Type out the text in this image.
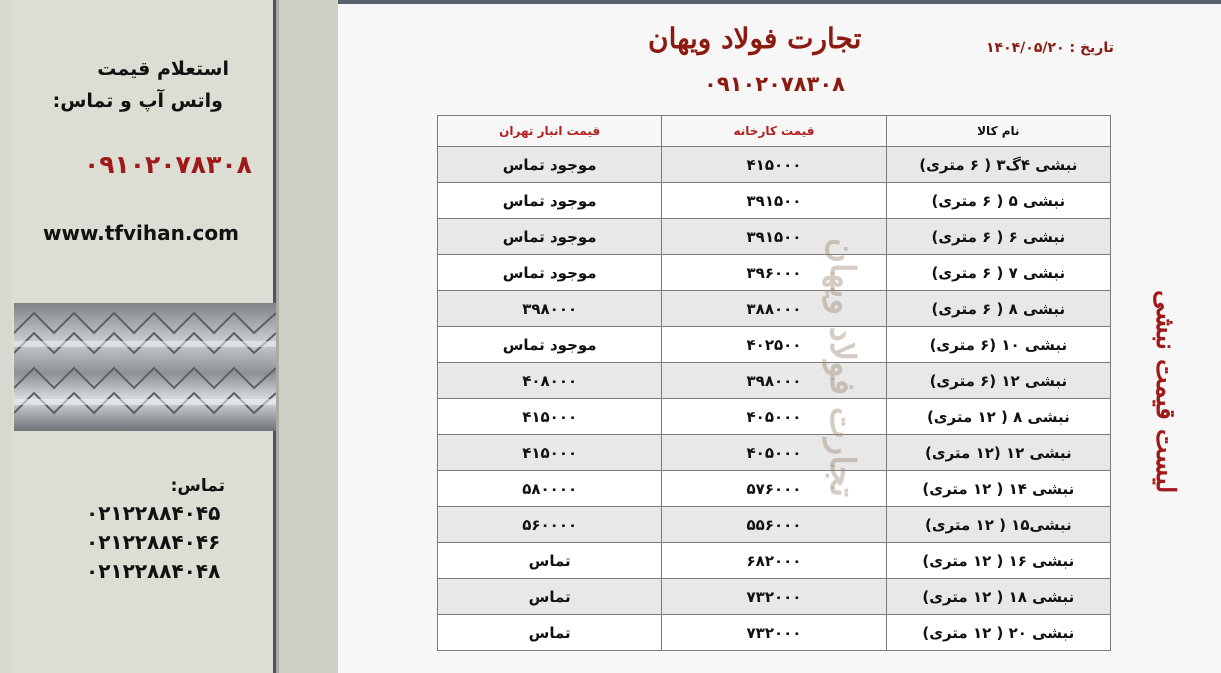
استعلام قیمت
واتس آپ و تماس:
۰۹۱۰۲۰۷۸۳۰۸
www.tfvihan.com
تماس:
۰۲۱۲۲۸۸۴۰۴۵
۰۲۱۲۲۸۸۴۰۴۶
۰۲۱۲۲۸۸۴۰۴۸
تجارت فولاد ویهان
۰۹۱۰۲۰۷۸۳۰۸
تاریخ : ۱۴۰۴/۰۵/۲۰
نام کالا	قیمت کارخانه	قیمت انبار تهران
نبشی ۴گ۳ ( ۶ متری)	۴۱۵۰۰۰	موجود تماس
نبشی ۵ ( ۶ متری)	۳۹۱۵۰۰	موجود تماس
نبشی ۶ ( ۶ متری)	۳۹۱۵۰۰	موجود تماس
نبشی ۷ ( ۶ متری)	۳۹۶۰۰۰	موجود تماس
نبشی ۸ ( ۶ متری)	۳۸۸۰۰۰	۳۹۸۰۰۰
نبشی ۱۰ (۶ متری)	۴۰۲۵۰۰	موجود تماس
نبشی ۱۲ (۶ متری)	۳۹۸۰۰۰	۴۰۸۰۰۰
نبشی ۸ ( ۱۲ متری)	۴۰۵۰۰۰	۴۱۵۰۰۰
نبشی ۱۲ (۱۲ متری)	۴۰۵۰۰۰	۴۱۵۰۰۰
نبشی ۱۴ ( ۱۲ متری)	۵۷۶۰۰۰	۵۸۰۰۰۰
نبشی۱۵ ( ۱۲ متری)	۵۵۶۰۰۰	۵۶۰۰۰۰
نبشی ۱۶ ( ۱۲ متری)	۶۸۲۰۰۰	تماس
نبشی ۱۸ ( ۱۲ متری)	۷۳۲۰۰۰	تماس
نبشی ۲۰ ( ۱۲ متری)	۷۳۲۰۰۰	تماس
تجارت فولاد ویهان	لیست قیمت نبشی
